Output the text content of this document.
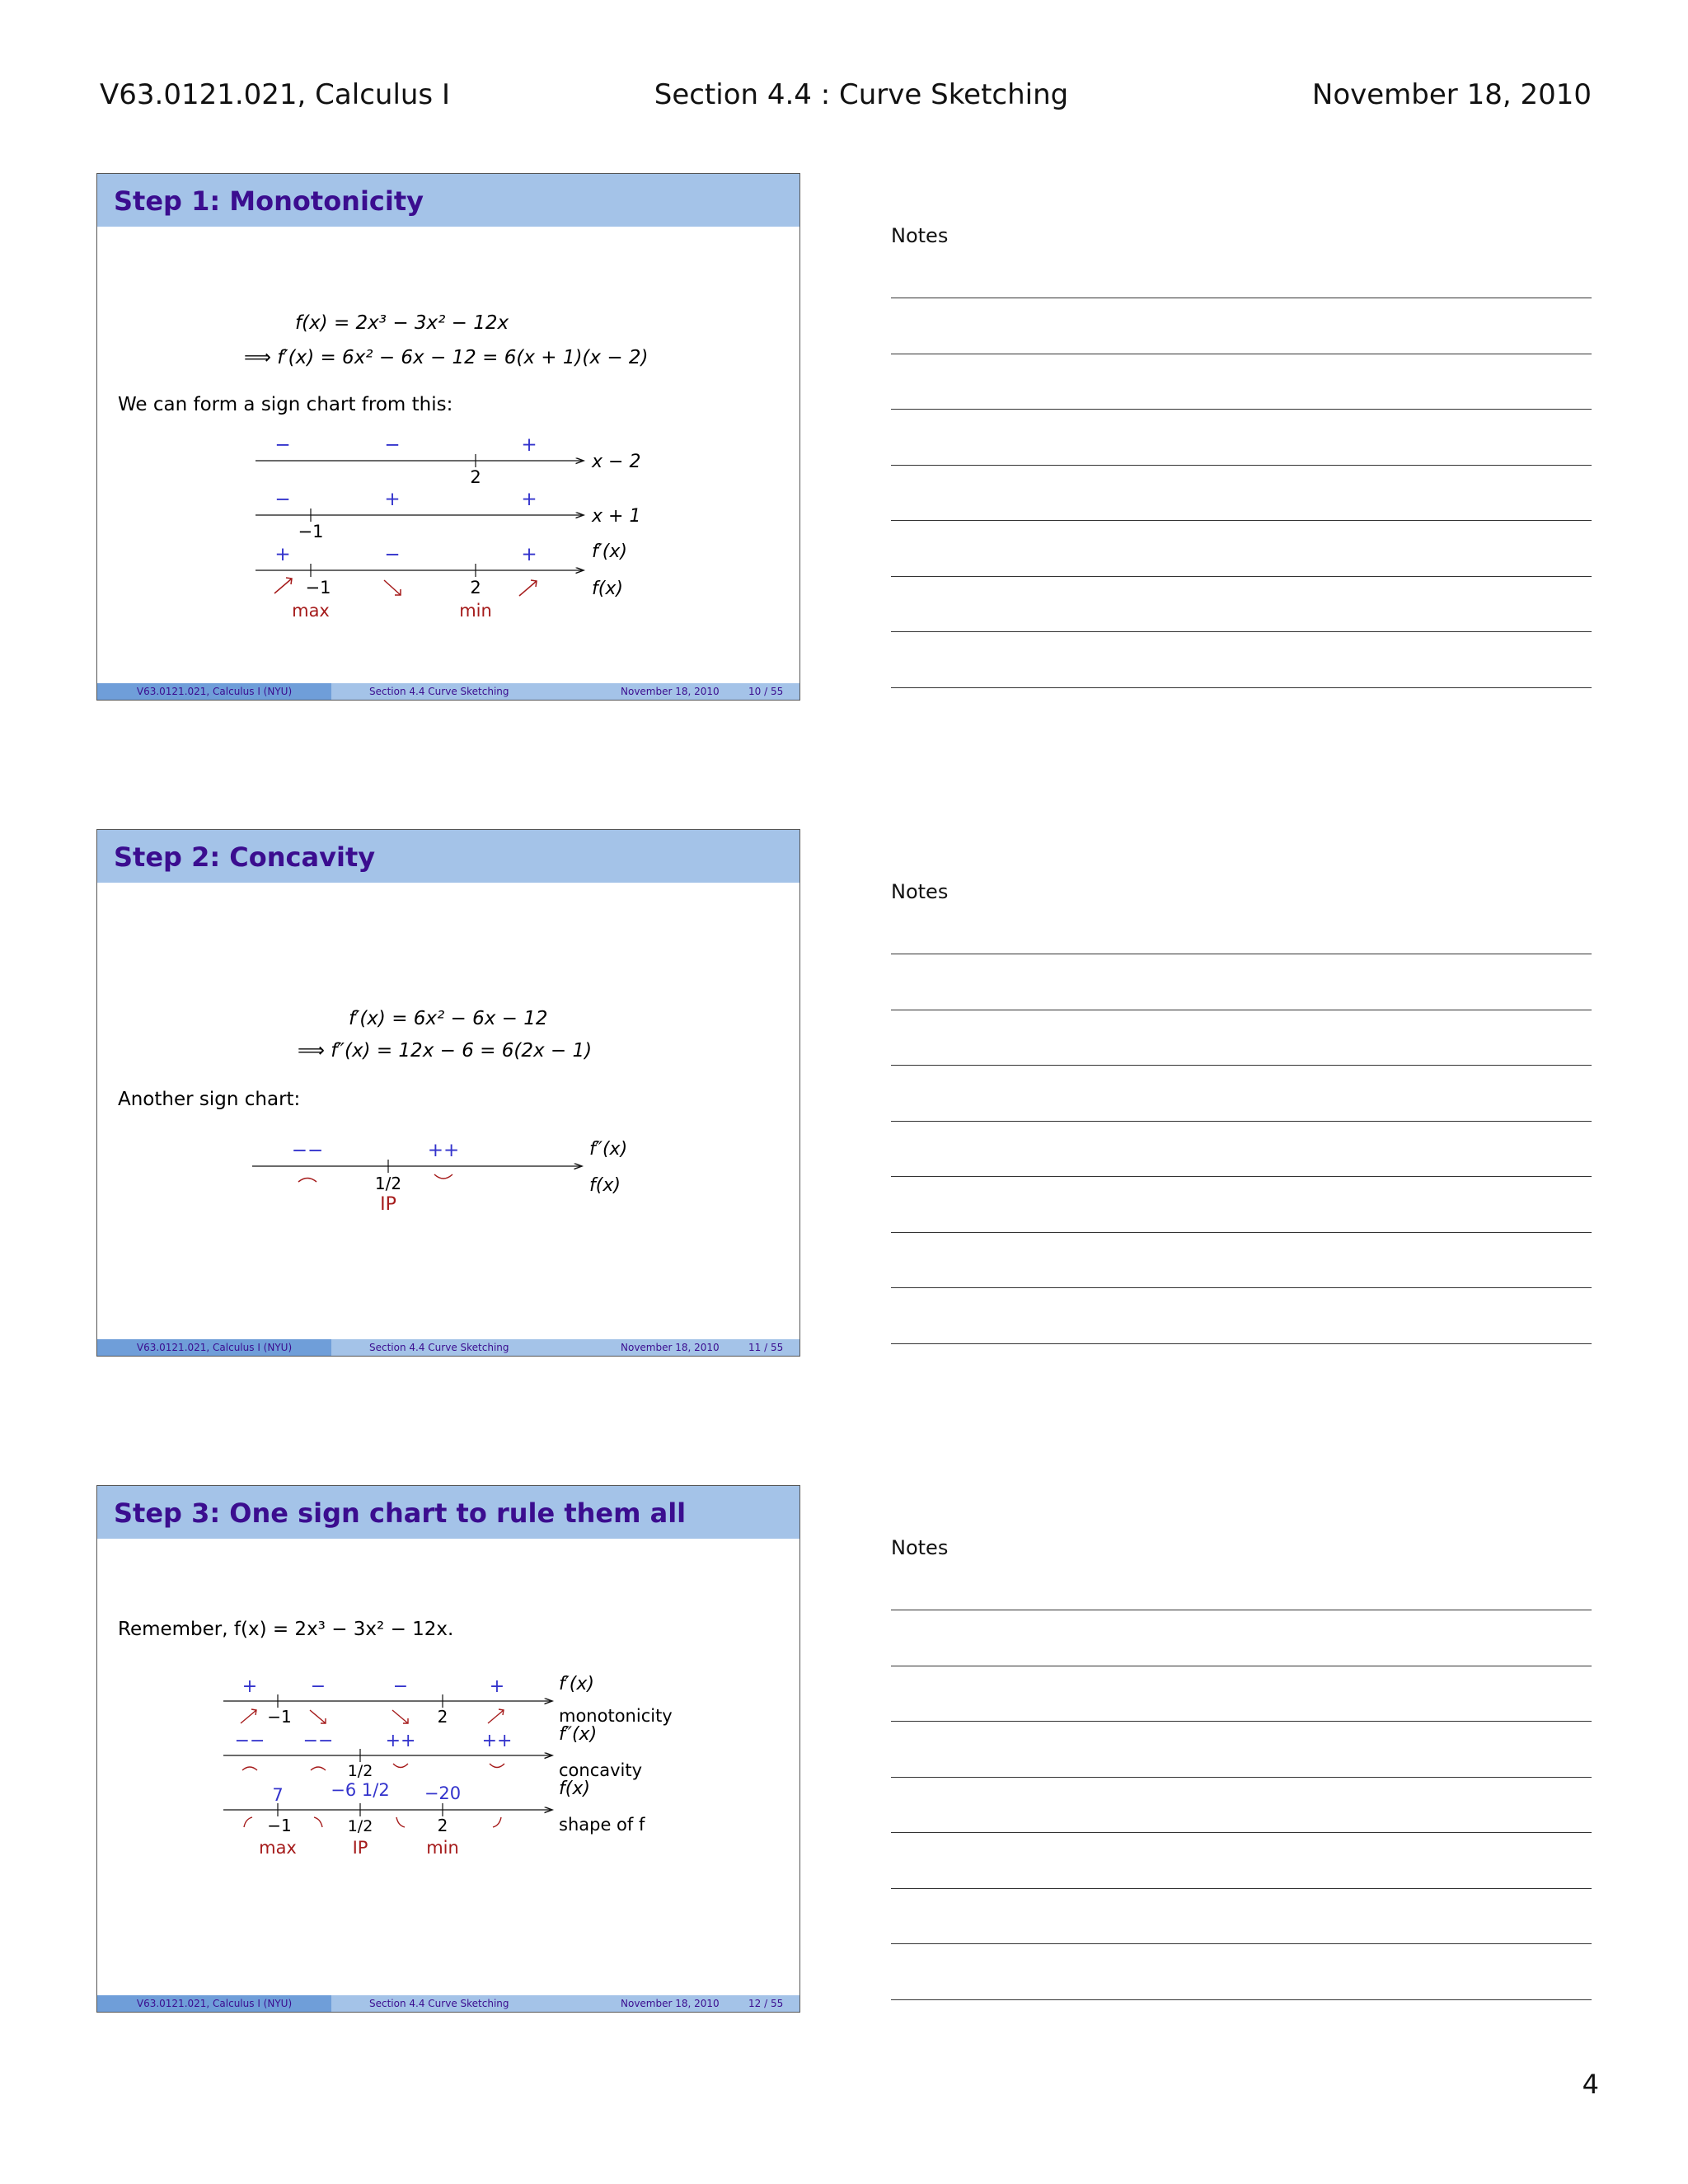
V63.0121.021, Calculus I	Section 4.4 : Curve Sketching	November 18, 2010
Step 1: Monotonicity
f(x) = 2x³ − 3x² − 12x
⟹ f′(x) = 6x² − 6x − 12 = 6(x + 1)(x − 2)
We can form a sign chart from this:
−	−	+
2
x − 2
−	+	+
−1
x + 1
+	−	+	f′(x)
−1	2	f(x)
max	min
V63.0121.021, Calculus I (NYU)	Section 4.4 Curve Sketching	November 18, 2010	10 / 55
Step 2: Concavity
f′(x) = 6x² − 6x − 12
⟹ f″(x) = 12x − 6 = 6(2x − 1)
Another sign chart:
−−	++	f″(x)
1/2
IP
f(x)
V63.0121.021, Calculus I (NYU)	Section 4.4 Curve Sketching	November 18, 2010	11 / 55
Step 3: One sign chart to rule them all
Remember, f(x) = 2x³ − 3x² − 12x.
+	−	−	+
−1	2
f′(x)
monotonicity
−− −−	++	++
1/2
f″(x)
concavity
7	−6 1/2 −20
−1	1/2	2
max	IP	min
f(x)
shape of f
V63.0121.021, Calculus I (NYU)	Section 4.4 Curve Sketching	November 18, 2010	12 / 55
Notes
Notes
Notes
4
